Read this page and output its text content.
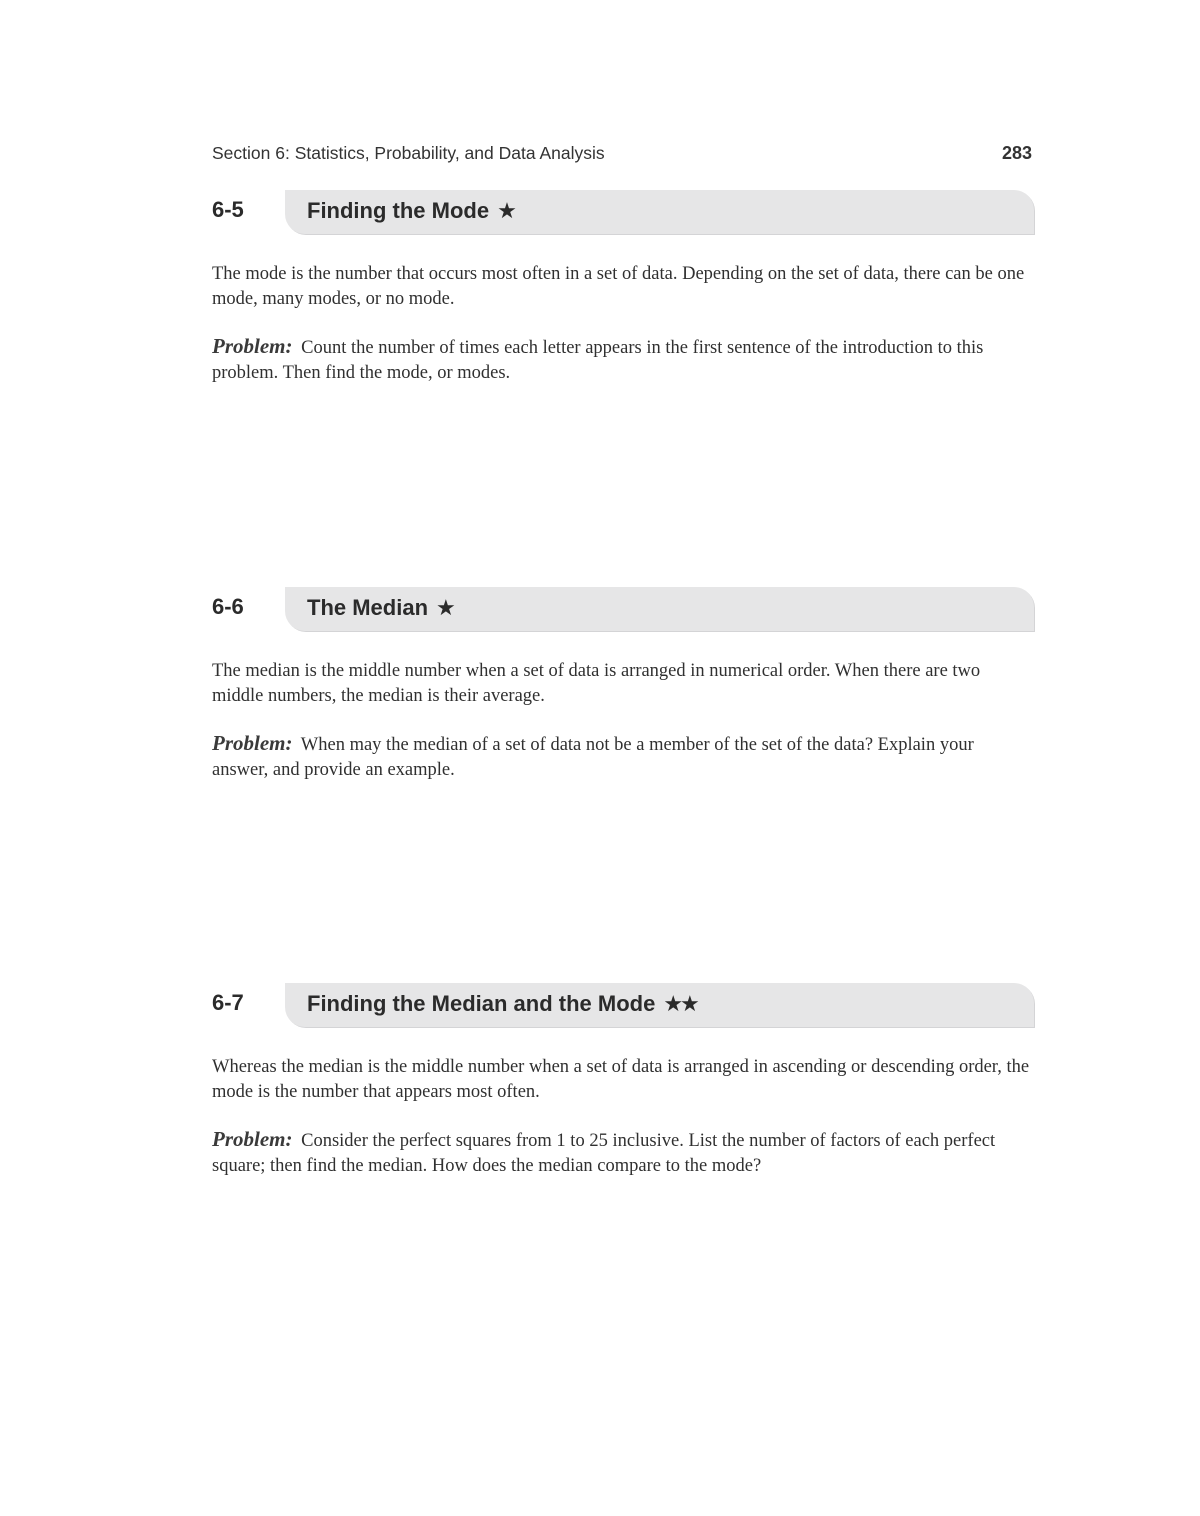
Section 6: Statistics, Probability, and Data Analysis	283
6-5	Finding the Mode ★

The mode is the number that occurs most often in a set of data. Depending on the set of data, there can be one mode, many modes, or no mode.

Problem: Count the number of times each letter appears in the first sentence of the introduction to this problem. Then find the mode, or modes.

6-6	The Median ★

The median is the middle number when a set of data is arranged in numerical order. When there are two middle numbers, the median is their average.

Problem: When may the median of a set of data not be a member of the set of the data? Explain your answer, and provide an example.

6-7	Finding the Median and the Mode ★★

Whereas the median is the middle number when a set of data is arranged in ascending or descending order, the mode is the number that appears most often.

Problem: Consider the perfect squares from 1 to 25 inclusive. List the number of factors of each perfect square; then find the median. How does the median compare to the mode?
